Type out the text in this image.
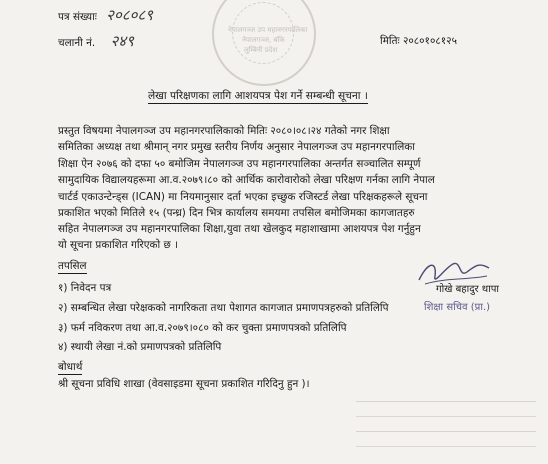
नेपालगञ्ज उप महानगरपालिका
नेपालगञ्ज, बाँके
लुम्बिनी प्रदेश
पत्र संख्याः २०८०८९
चलानी नं. २४९	मितिः २०८०१०८१२५
लेखा परिक्षणका लागि आशयपत्र पेश गर्ने सम्बन्धी सूचना ।
प्रस्तुत विषयमा नेपालगञ्ज उप महानगरपालिकाको मितिः २०८०।०८।२४ गतेको नगर शिक्षा
समितिका अध्यक्ष तथा श्रीमान् नगर प्रमुख स्तरीय निर्णय अनुसार नेपालगञ्ज उप महानगरपालिका
शिक्षा ऐन २०७६ को दफा ५० बमोजिम नेपालगञ्ज उप महानगरपालिका अन्तर्गत सञ्चालित सम्पूर्ण
सामुदायिक विद्यालयहरूमा आ.व.२०७९।८० को आर्थिक कारोवारोको लेखा परिक्षण गर्नका लागि नेपाल
चार्टर्ड एकाउन्टेन्ड्स (ICAN) मा नियमानुसार दर्ता भएका इच्छुक रजिस्टर्ड लेखा परिक्षकहरूले सूचना
प्रकाशित भएको मितिले १५ (पन्ध्र) दिन भित्र कार्यालय समयमा तपसिल बमोजिमका कागजातहरु
सहित नेपालगञ्ज उप महानगरपालिका शिक्षा,युवा तथा खेलकुद महाशाखामा आशयपत्र पेश गर्नुहुन
यो सूचना प्रकाशित गरिएको छ ।
तपसिल
१) निवेदन पत्र
२) सम्बन्धित लेखा परेक्षकको नागरिकता तथा पेशागत कागजात प्रमाणपत्रहरुको प्रतिलिपि
३) फर्म नविकरण तथा आ.व.२०७९।०८० को कर चुक्ता प्रमाणपत्रको प्रतिलिपि
४) स्थायी लेखा नं.को प्रमाणपत्रको प्रतिलिपि
गोखे बहादुर थापा
शिक्षा सचिव (प्रा.)
बोधार्थ
श्री सूचना प्रविधि शाखा (वेवसाइडमा सूचना प्रकाशित गरिदिनु हुन )।
